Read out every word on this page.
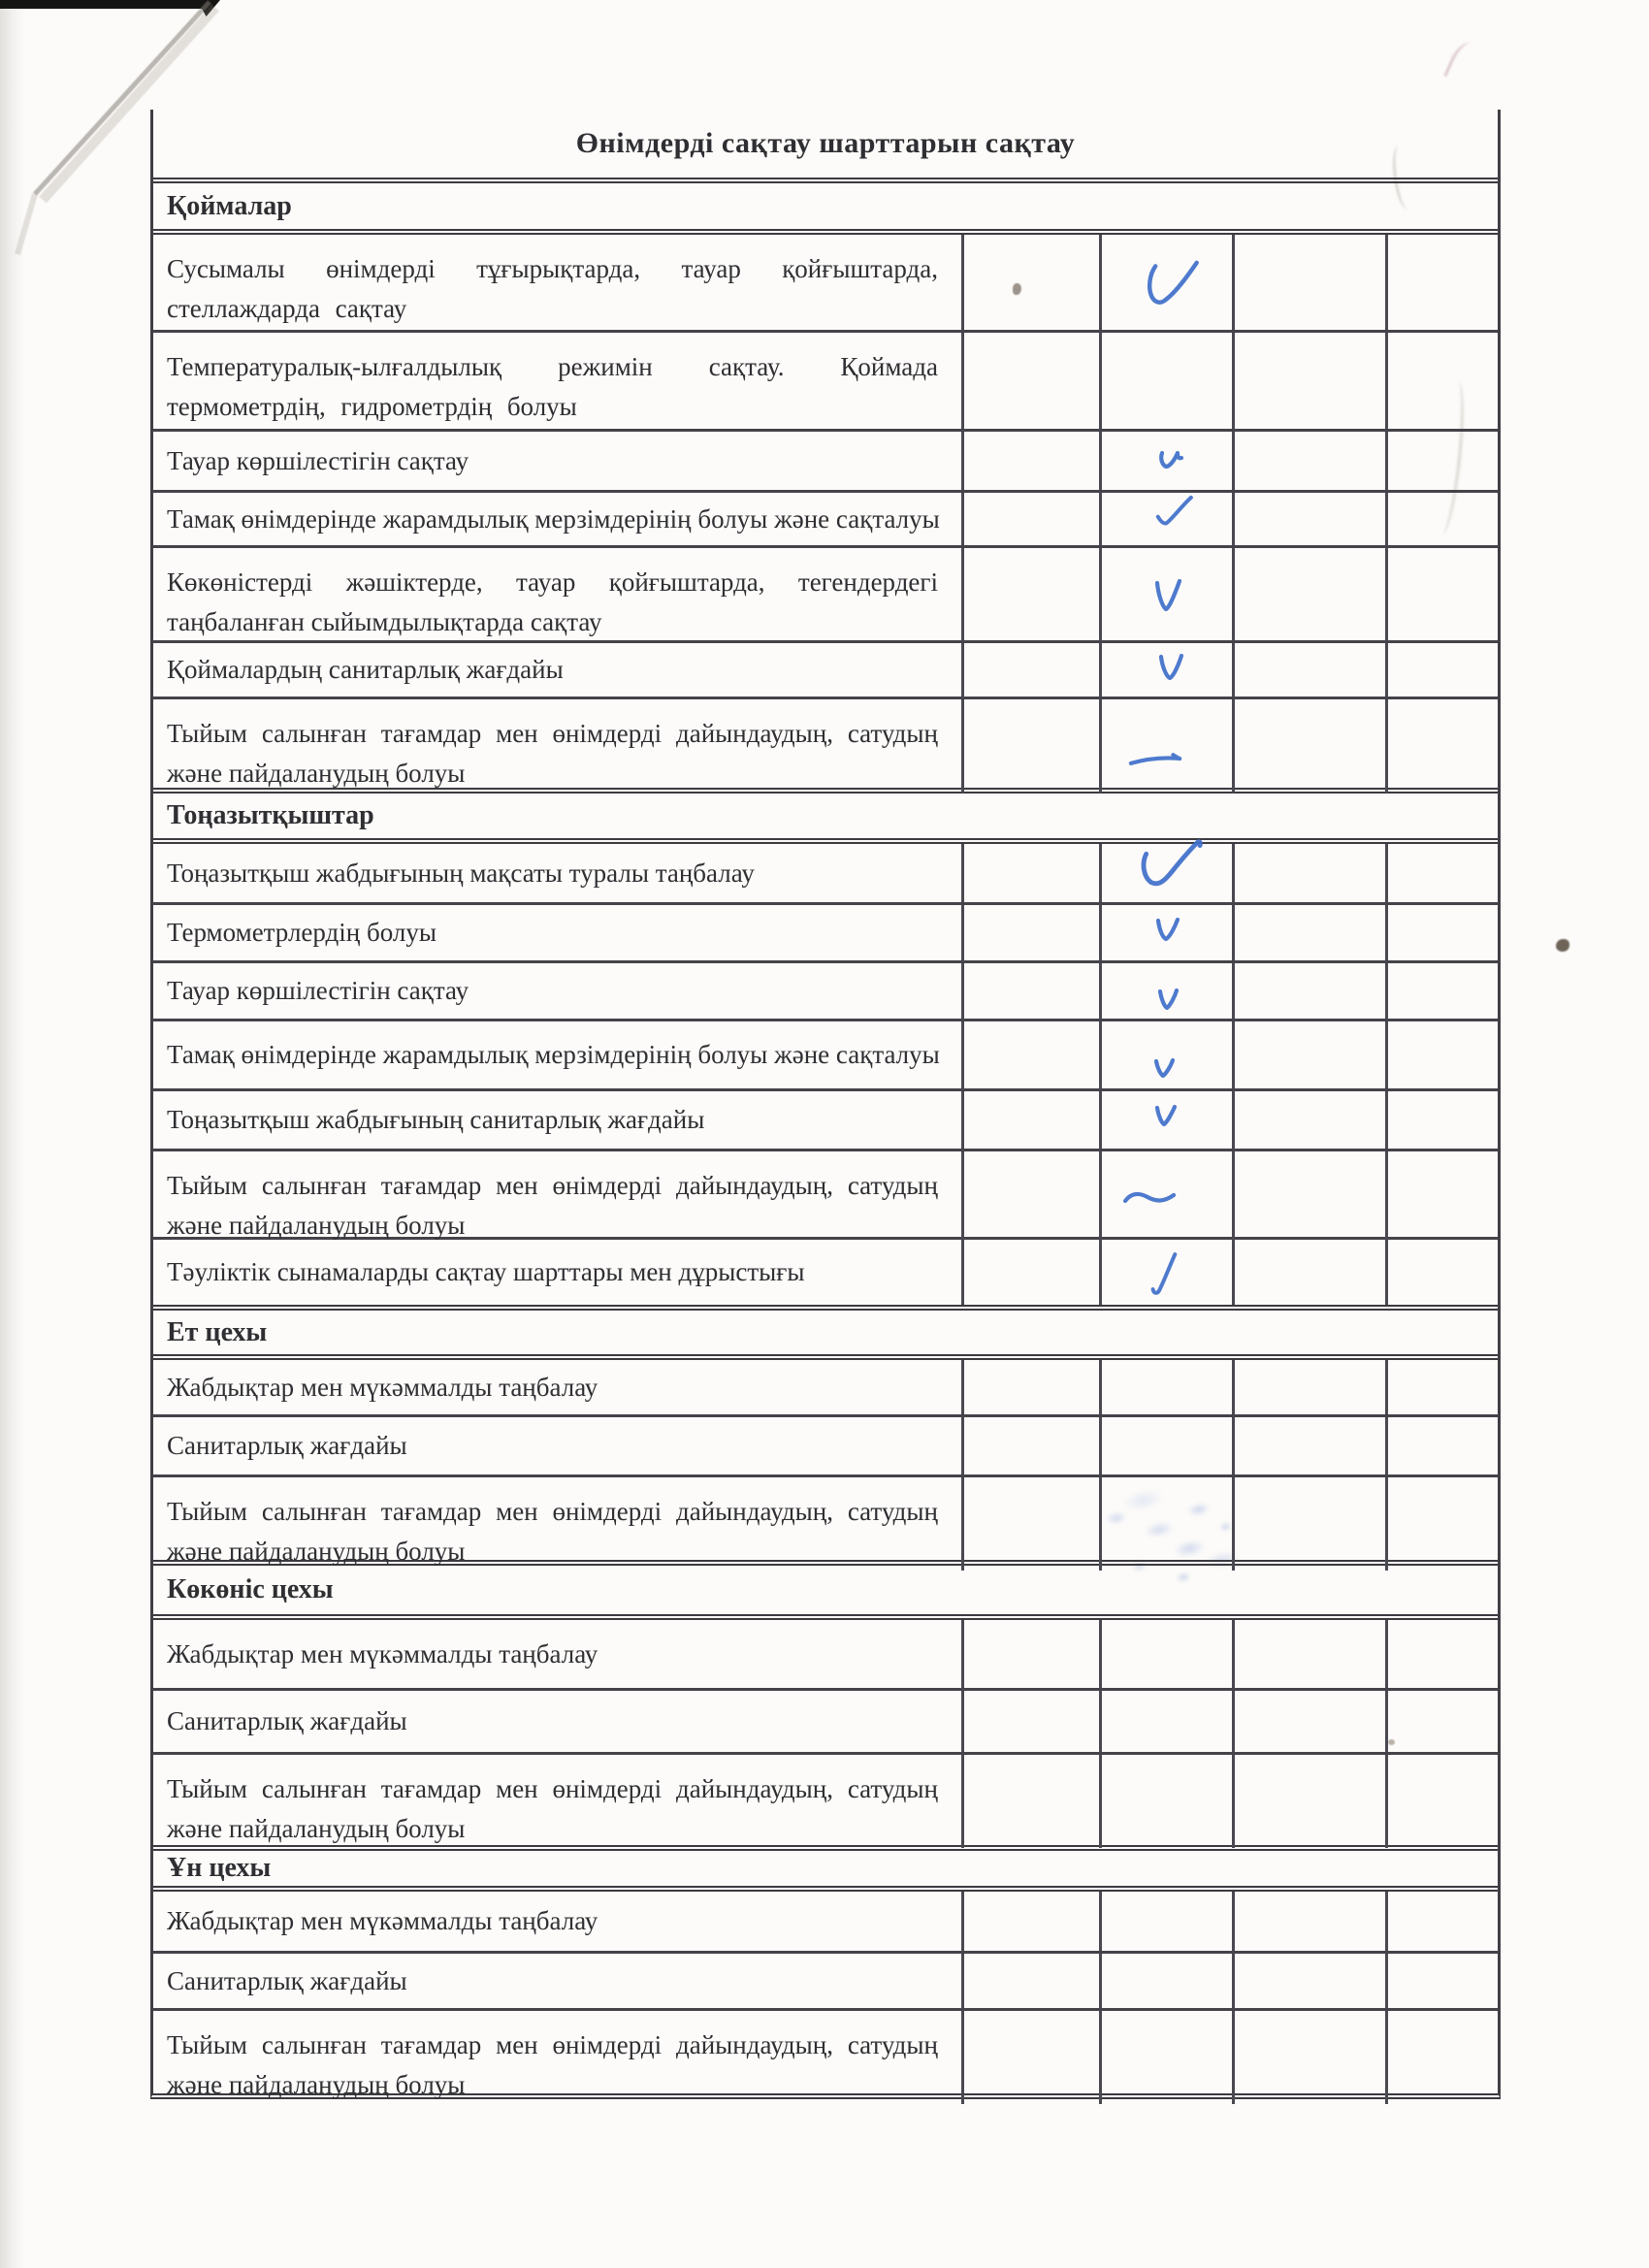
Өнімдерді сақтау шарттарын сақтау
Қоймалар
Сусымалы өнімдерді тұғырықтарда, тауар қойғыштарда, стеллаждарда сақтау
Температуралық-ылғалдылық режимін сақтау. Қоймада термометрдің, гидрометрдің болуы
Тауар көршілестігін сақтау
Тамақ өнімдерінде жарамдылық мерзімдерінің болуы және сақталуы
Көкөністерді жәшіктерде, тауар қойғыштарда, тегендердегі таңбаланған сыйымдылықтарда сақтау
Қоймалардың санитарлық жағдайы
Тыйым салынған тағамдар мен өнімдерді дайындаудың, сатудың және пайдаланудың болуы
Тоңазытқыштар
Тоңазытқыш жабдығының мақсаты туралы таңбалау
Термометрлердің болуы
Тауар көршілестігін сақтау
Тамақ өнімдерінде жарамдылық мерзімдерінің болуы және сақталуы
Тоңазытқыш жабдығының санитарлық жағдайы
Тыйым салынған тағамдар мен өнімдерді дайындаудың, сатудың және пайдаланудың болуы
Тәуліктік сынамаларды сақтау шарттары мен дұрыстығы
Ет цехы
Жабдықтар мен мүкәммалды таңбалау
Санитарлық жағдайы
Тыйым салынған тағамдар мен өнімдерді дайындаудың, сатудың және пайдаланудың болуы
Көкөніс цехы
Жабдықтар мен мүкәммалды таңбалау
Санитарлық жағдайы
Тыйым салынған тағамдар мен өнімдерді дайындаудың, сатудың және пайдаланудың болуы
Ұн цехы
Жабдықтар мен мүкәммалды таңбалау
Санитарлық жағдайы
Тыйым салынған тағамдар мен өнімдерді дайындаудың, сатудың және пайдаланудың болуы
